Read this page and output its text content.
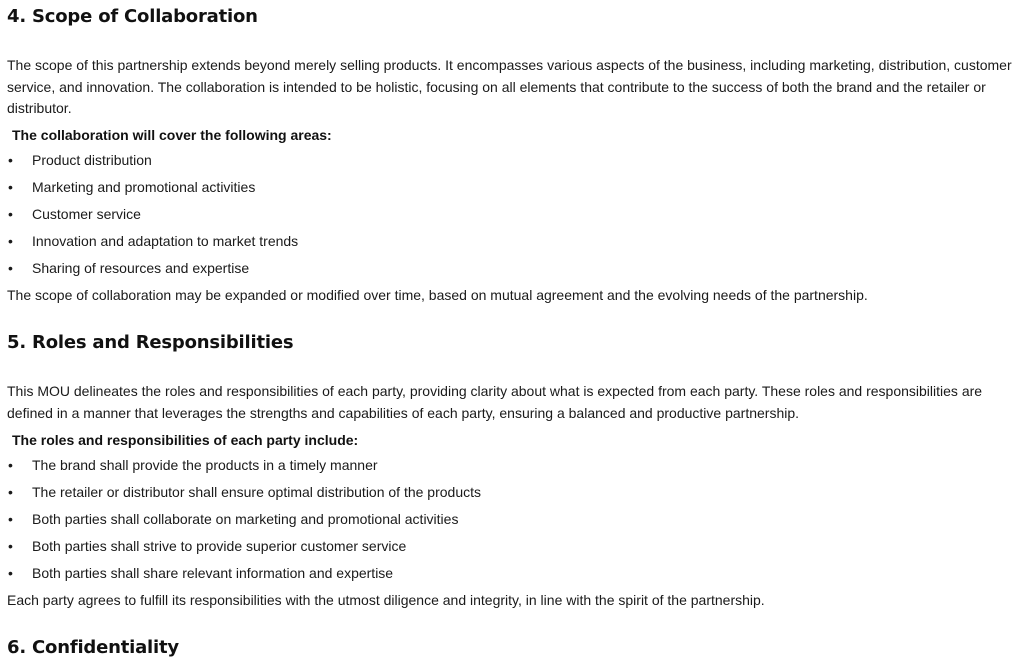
4. Scope of Collaboration

The scope of this partnership extends beyond merely selling products. It encompasses various aspects of the business, including marketing, distribution, customer service, and innovation. The collaboration is intended to be holistic, focusing on all elements that contribute to the success of both the brand and the retailer or distributor.

The collaboration will cover the following areas:

• Product distribution
• Marketing and promotional activities
• Customer service
• Innovation and adaptation to market trends
• Sharing of resources and expertise

The scope of collaboration may be expanded or modified over time, based on mutual agreement and the evolving needs of the partnership.

5. Roles and Responsibilities

This MOU delineates the roles and responsibilities of each party, providing clarity about what is expected from each party. These roles and responsibilities are defined in a manner that leverages the strengths and capabilities of each party, ensuring a balanced and productive partnership.

The roles and responsibilities of each party include:

• The brand shall provide the products in a timely manner
• The retailer or distributor shall ensure optimal distribution of the products
• Both parties shall collaborate on marketing and promotional activities
• Both parties shall strive to provide superior customer service
• Both parties shall share relevant information and expertise

Each party agrees to fulfill its responsibilities with the utmost diligence and integrity, in line with the spirit of the partnership.

6. Confidentiality
